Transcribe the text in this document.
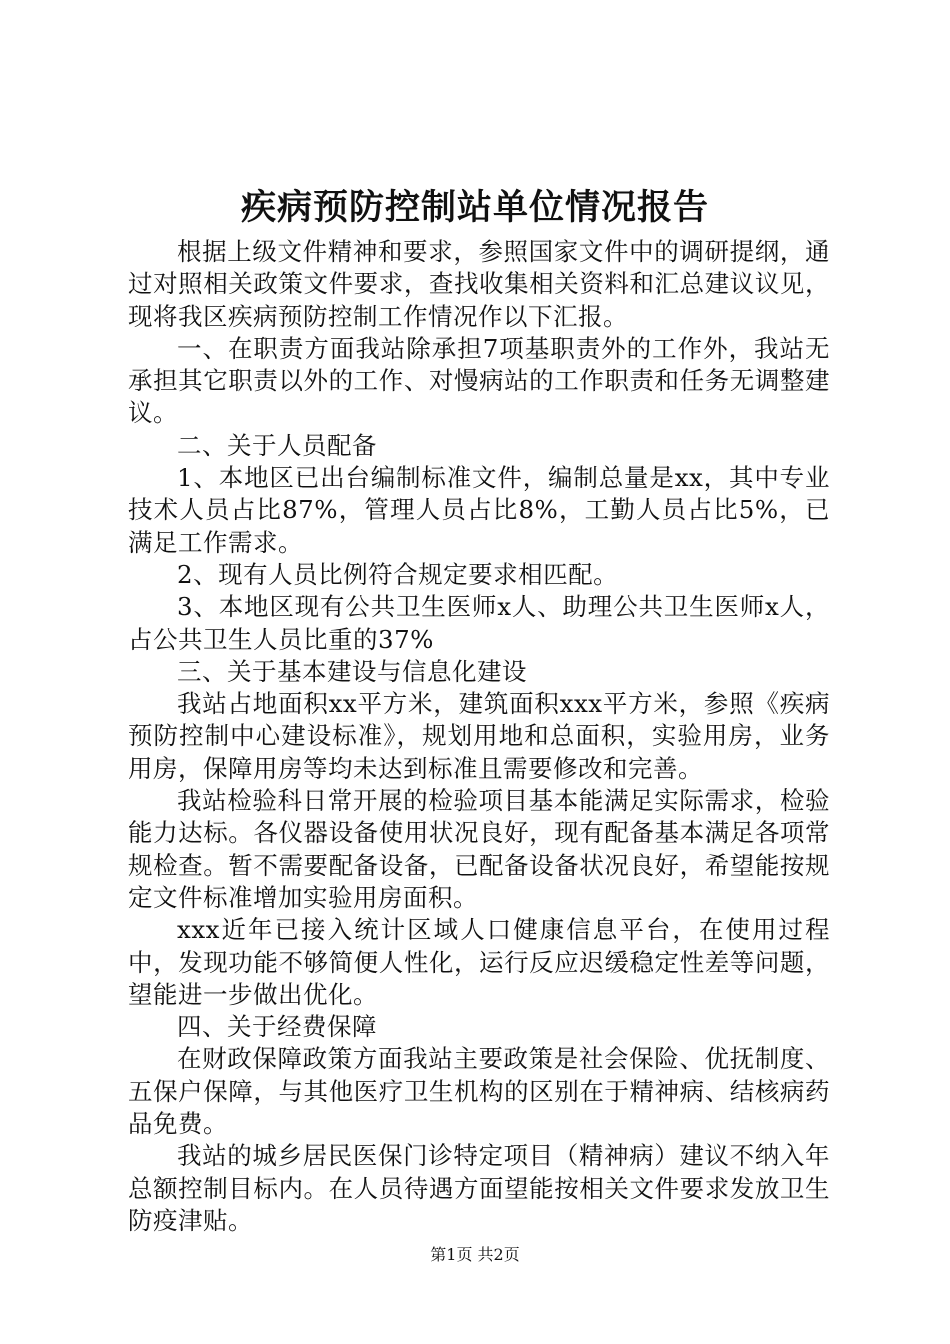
疾病预防控制站单位情况报告

根据上级文件精神和要求，参照国家文件中的调研提纲，通过对照相关政策文件要求，查找收集相关资料和汇总建议议见，现将我区疾病预防控制工作情况作以下汇报。

一、在职责方面我站除承担7项基职责外的工作外，我站无承担其它职责以外的工作、对慢病站的工作职责和任务无调整建议。

二、关于人员配备

1、本地区已出台编制标准文件，编制总量是xx，其中专业技术人员占比87%，管理人员占比8%，工勤人员占比5%，已满足工作需求。

2、现有人员比例符合规定要求相匹配。

3、本地区现有公共卫生医师x人、助理公共卫生医师x人，占公共卫生人员比重的37%

三、关于基本建设与信息化建设

我站占地面积xx平方米，建筑面积xxx平方米，参照《疾病预防控制中心建设标准》，规划用地和总面积，实验用房，业务用房，保障用房等均未达到标准且需要修改和完善。

我站检验科日常开展的检验项目基本能满足实际需求，检验能力达标。各仪器设备使用状况良好，现有配备基本满足各项常规检查。暂不需要配备设备，已配备设备状况良好，希望能按规定文件标准增加实验用房面积。

xxx近年已接入统计区域人口健康信息平台，在使用过程中，发现功能不够简便人性化，运行反应迟缓稳定性差等问题，望能进一步做出优化。

四、关于经费保障

在财政保障政策方面我站主要政策是社会保险、优抚制度、五保户保障，与其他医疗卫生机构的区别在于精神病、结核病药品免费。

我站的城乡居民医保门诊特定项目（精神病）建议不纳入年总额控制目标内。在人员待遇方面望能按相关文件要求发放卫生防疫津贴。

第1页 共2页
